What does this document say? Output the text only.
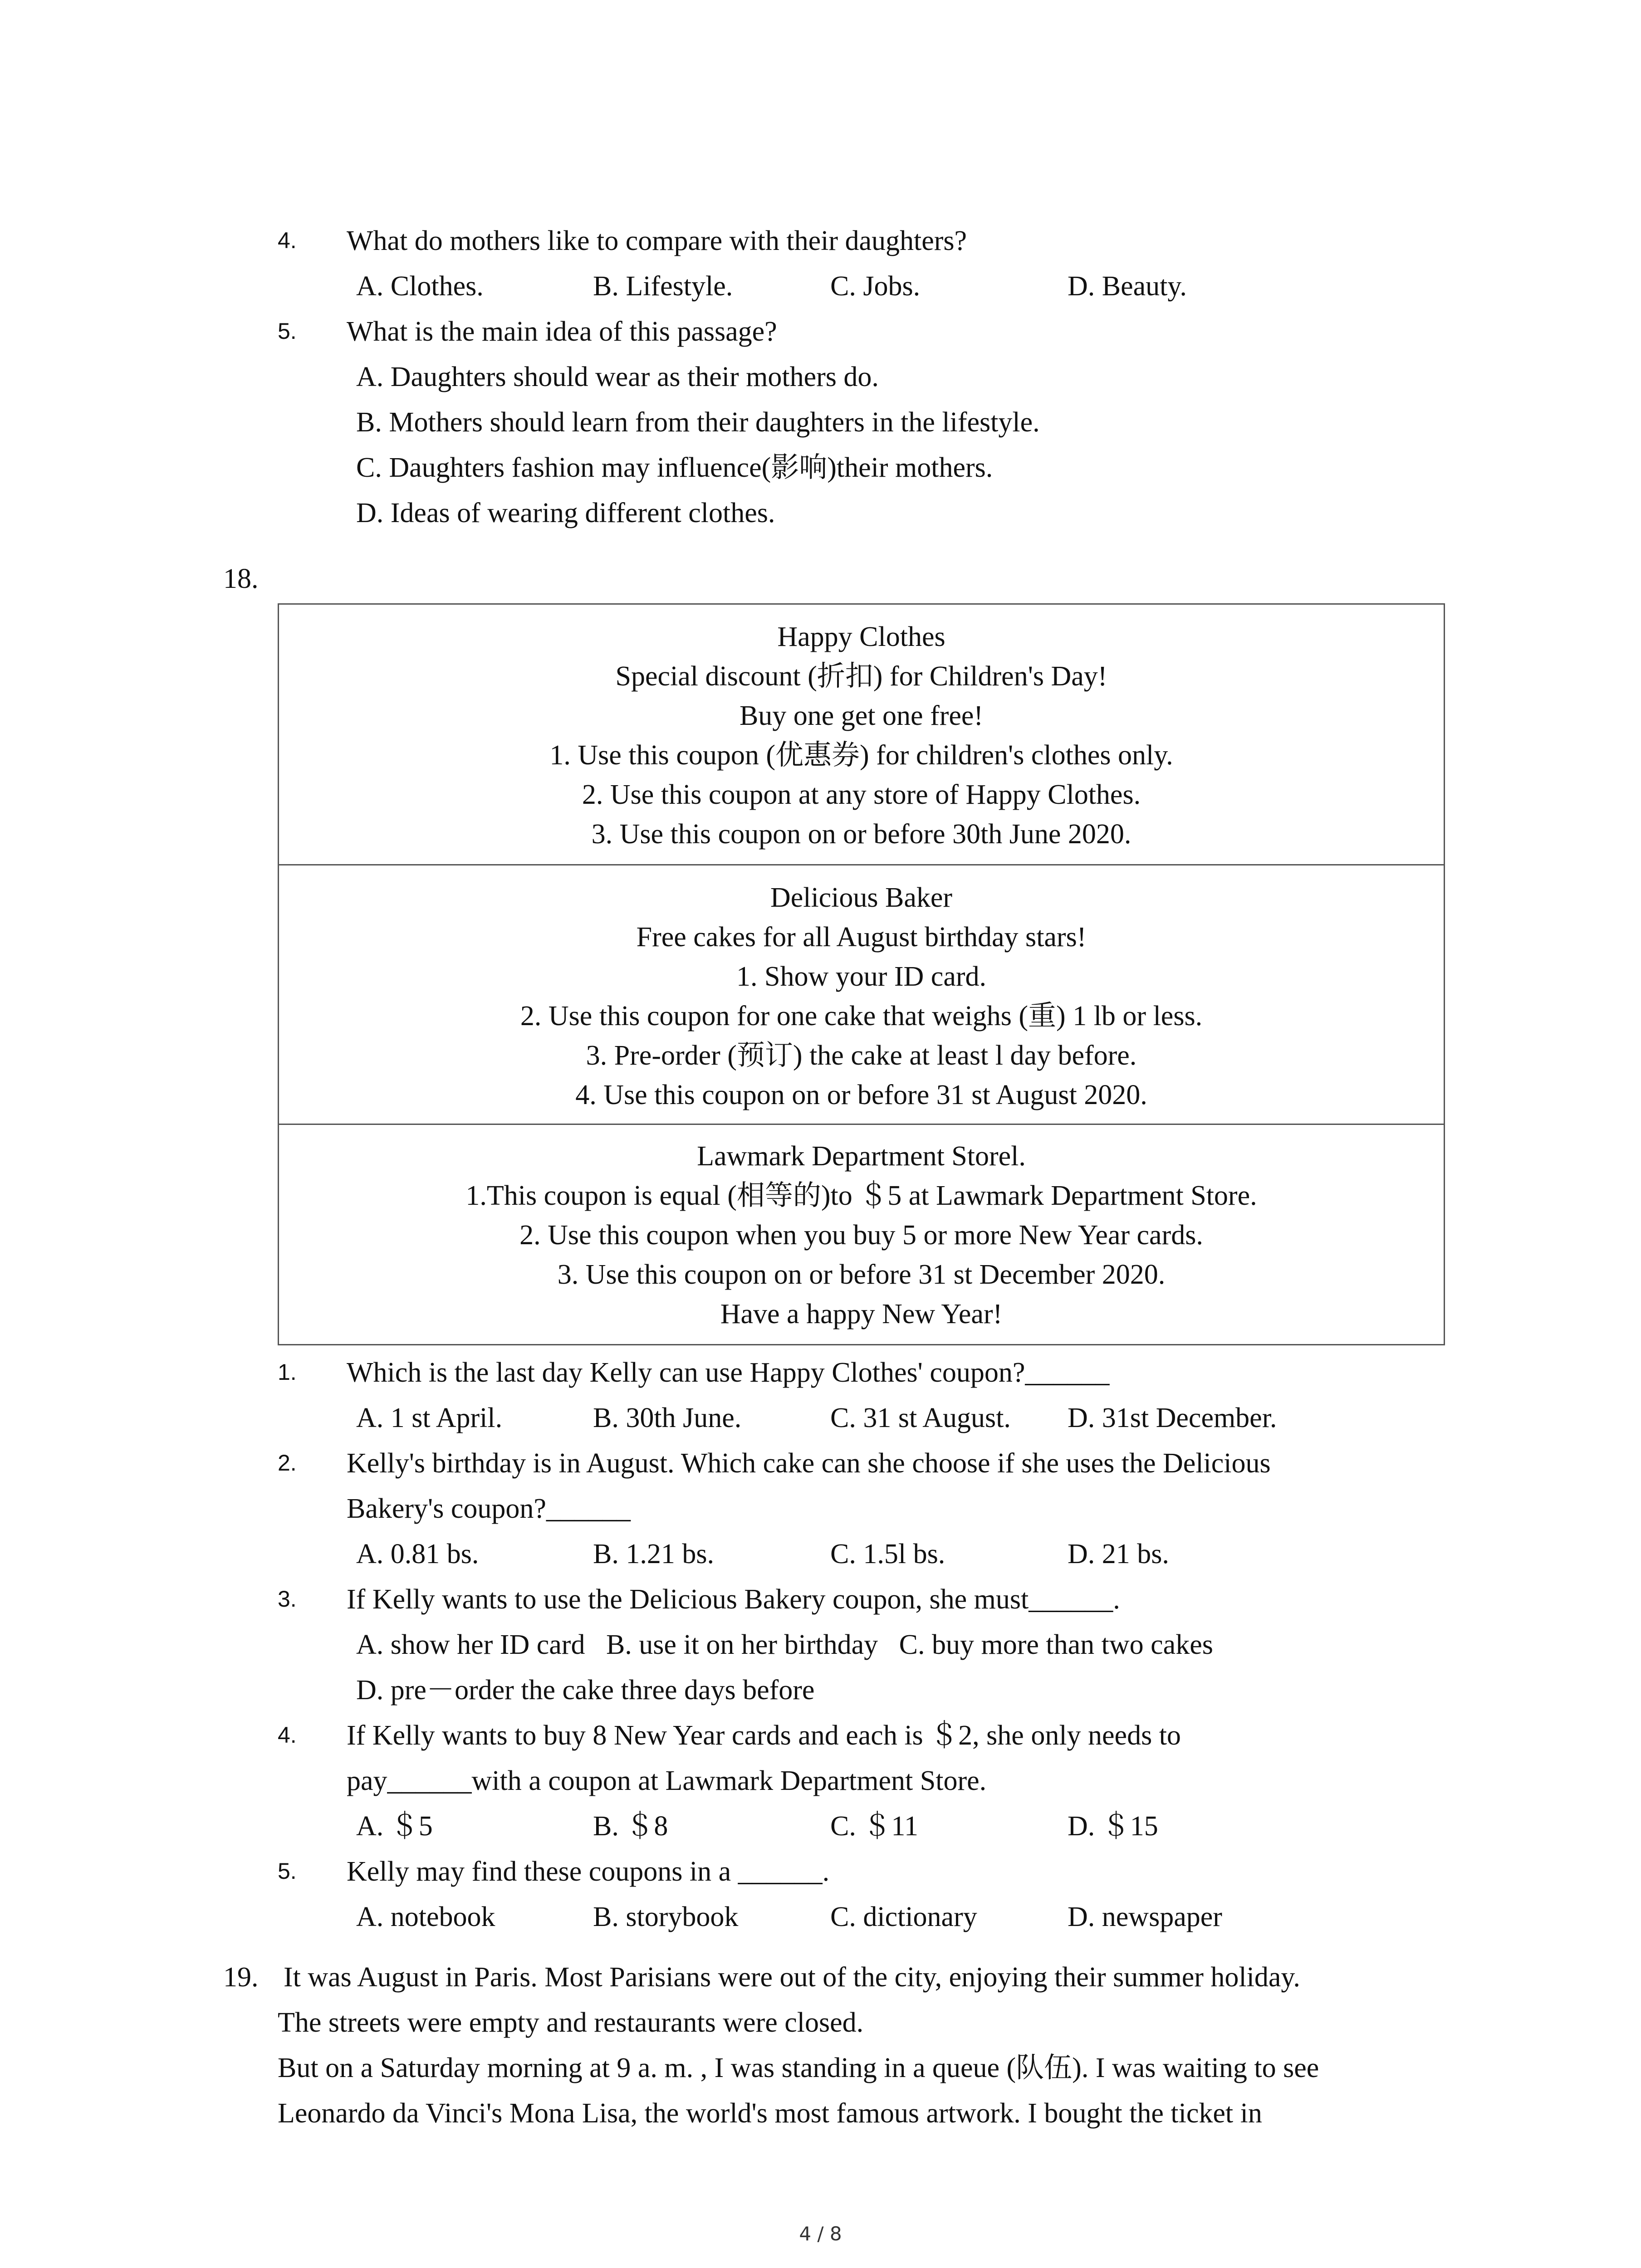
4. What do mothers like to compare with their daughters?
A. Clothes.	B. Lifestyle.	C. Jobs.	D. Beauty.
5. What is the main idea of this passage?
A. Daughters should wear as their mothers do.
B. Mothers should learn from their daughters in the lifestyle.
C. Daughters fashion may influence(影响)their mothers.
D. Ideas of wearing different clothes.
18.
Happy Clothes
Special discount (折扣) for Children's Day!
Buy one get one free!
1. Use this coupon (优惠券) for children's clothes only.
2. Use this coupon at any store of Happy Clothes.
3. Use this coupon on or before 30th June 2020.
Delicious Baker
Free cakes for all August birthday stars!
1. Show your ID card.
2. Use this coupon for one cake that weighs (重) 1 lb or less.
3. Pre-order (预订) the cake at least l day before.
4. Use this coupon on or before 31 st August 2020.
Lawmark Department Storel.
1.This coupon is equal (相等的)to ＄5 at Lawmark Department Store.
2. Use this coupon when you buy 5 or more New Year cards.
3. Use this coupon on or before 31 st December 2020.
Have a happy New Year!
1. Which is the last day Kelly can use Happy Clothes' coupon?______
A. 1 st April.	B. 30th June.	C. 31 st August. D. 31st December.
2. Kelly's birthday is in August. Which cake can she choose if she uses the Delicious
Bakery's coupon?______
A. 0.81 bs.	B. 1.21 bs.	C. 1.5l bs.	D. 21 bs.
3. If Kelly wants to use the Delicious Bakery coupon, she must______.
A. show her ID card   B. use it on her birthday   C. buy more than two cakes
D. pre－order the cake three days before
4. If Kelly wants to buy 8 New Year cards and each is ＄2, she only needs to
pay______with a coupon at Lawmark Department Store.
A. ＄5	B. ＄8	C. ＄11	D. ＄15
5. Kelly may find these coupons in a ______.
A. notebook	B. storybook	C. dictionary	D. newspaper
19. It was August in Paris. Most Parisians were out of the city, enjoying their summer holiday.
The streets were empty and restaurants were closed.
But on a Saturday morning at 9 a. m. , I was standing in a queue (队伍). I was waiting to see
Leonardo da Vinci's Mona Lisa, the world's most famous artwork. I bought the ticket in
4 / 8
